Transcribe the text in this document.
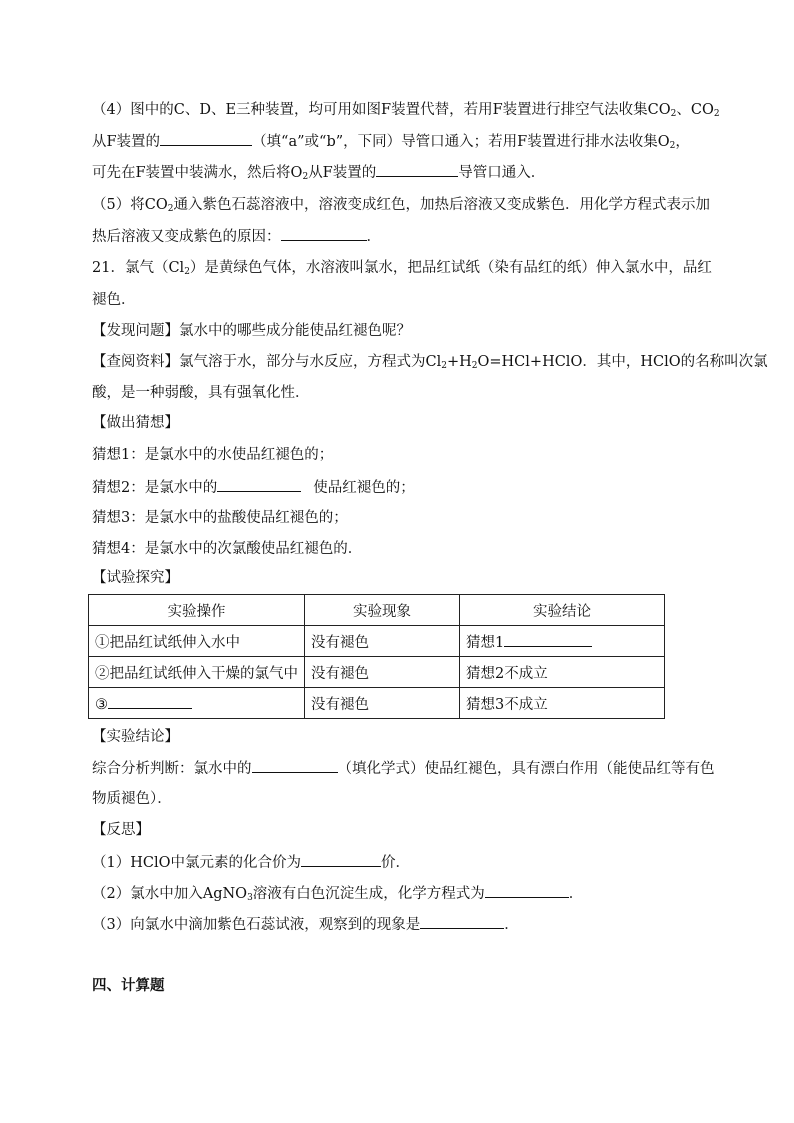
（4）图中的C、D、E三种装置，均可用如图F装置代替，若用F装置进行排空气法收集$CO_2$、$CO_2$
从F装置的	（填“a”或“b”，下同）导管口通入；若用F装置进行排水法收集$O_2$，
可先在F装置中装满水，然后将$O_2$从F装置的	导管口通入．
（5）将$CO_2$通入紫色石蕊溶液中，溶液变成红色，加热后溶液又变成紫色．用化学方程式表示加
热后溶液又变成紫色的原因：	．
21．氯气$(Cl_2)$是黄绿色气体，水溶液叫氯水，把品红试纸（染有品红的纸）伸入氯水中，品红
褪色．
【发现问题】氯水中的哪些成分能使品红褪色呢？
【查阅资料】氯气溶于水，部分与水反应，方程式为$Cl_2+H_2O=HCl+HClO$．其中，HClO的名称叫次氯
酸，是一种弱酸，具有强氧化性．
【做出猜想】
猜想1：是氯水中的水使品红褪色的；
猜想2：是氯水中的	使品红褪色的；
猜想3：是氯水中的盐酸使品红褪色的；
猜想4：是氯水中的次氯酸使品红褪色的．
【试验探究】
实验操作	实验现象	实验结论
①把品红试纸伸入水中	没有褪色	猜想1
②把品红试纸伸入干燥的氯气中	没有褪色	猜想2不成立
③	没有褪色	猜想3不成立
【实验结论】
综合分析判断：氯水中的	（填化学式）使品红褪色，具有漂白作用（能使品红等有色
物质褪色）．
【反思】
（1）HClO中氯元素的化合价为	价．
（2）氯水中加入AgNO$_3$溶液有白色沉淀生成，化学方程式为	．
（3）向氯水中滴加紫色石蕊试液，观察到的现象是	．
四、计算题
